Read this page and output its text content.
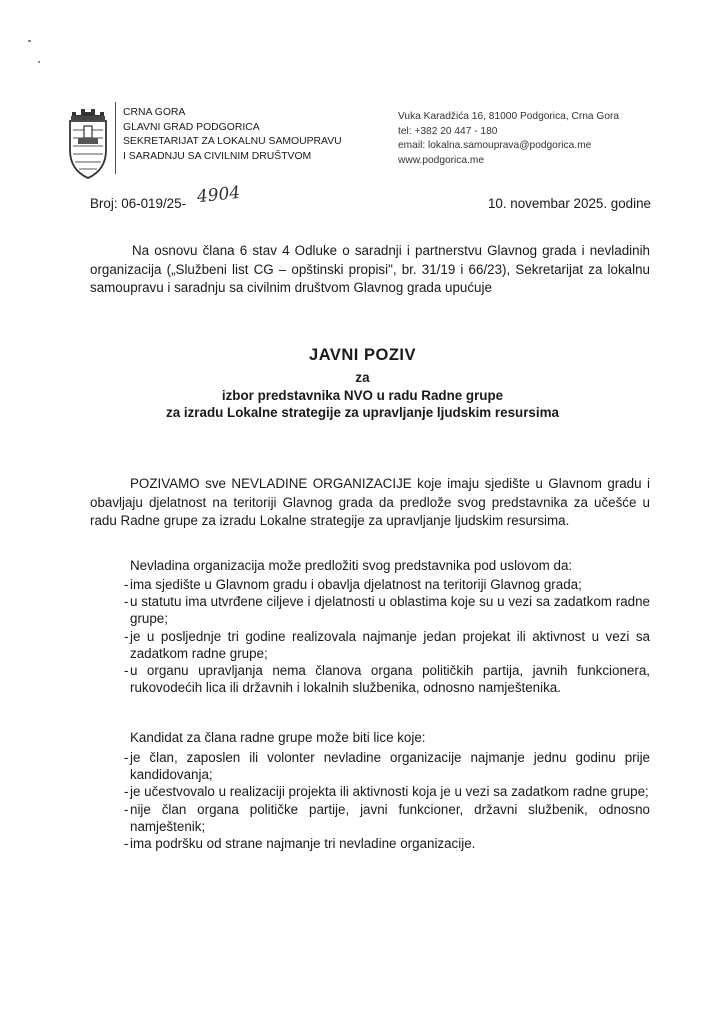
CRNA GORA
GLAVNI GRAD PODGORICA
SEKRETARIJAT ZA LOKALNU SAMOUPRAVU
I SARADNJU SA CIVILNIM DRUŠTVOM
Vuka Karadžića 16, 81000 Podgorica, Crna Gora
tel: +382 20 447 - 180
email: lokalna.samouprava@podgorica.me
www.podgorica.me
Broj: 06-019/25- 4904	10. novembar 2025. godine
Na osnovu člana 6 stav 4 Odluke o saradnji i partnerstvu Glavnog grada i nevladinih organizacija („Službeni list CG – opštinski propisi", br. 31/19 i 66/23), Sekretarijat za lokalnu samoupravu i saradnju sa civilnim društvom Glavnog grada upućuje
JAVNI POZIV
za
izbor predstavnika NVO u radu Radne grupe
za izradu Lokalne strategije za upravljanje ljudskim resursima
POZIVAMO sve NEVLADINE ORGANIZACIJE koje imaju sjedište u Glavnom gradu i obavljaju djelatnost na teritoriji Glavnog grada da predlože svog predstavnika za učešće u radu Radne grupe za izradu Lokalne strategije za upravljanje ljudskim resursima.
Nevladina organizacija može predložiti svog predstavnika pod uslovom da:
- ima sjedište u Glavnom gradu i obavlja djelatnost na teritoriji Glavnog grada;
- u statutu ima utvrđene ciljeve i djelatnosti u oblastima koje su u vezi sa zadatkom radne grupe;
- je u posljednje tri godine realizovala najmanje jedan projekat ili aktivnost u vezi sa zadatkom radne grupe;
- u organu upravljanja nema članova organa političkih partija, javnih funkcionera, rukovodećih lica ili državnih i lokalnih službenika, odnosno namještenika.
Kandidat za člana radne grupe može biti lice koje:
- je član, zaposlen ili volonter nevladine organizacije najmanje jednu godinu prije kandidovanja;
- je učestvovalo u realizaciji projekta ili aktivnosti koja je u vezi sa zadatkom radne grupe;
- nije član organa političke partije, javni funkcioner, državni službenik, odnosno namještenik;
- ima podršku od strane najmanje tri nevladine organizacije.
